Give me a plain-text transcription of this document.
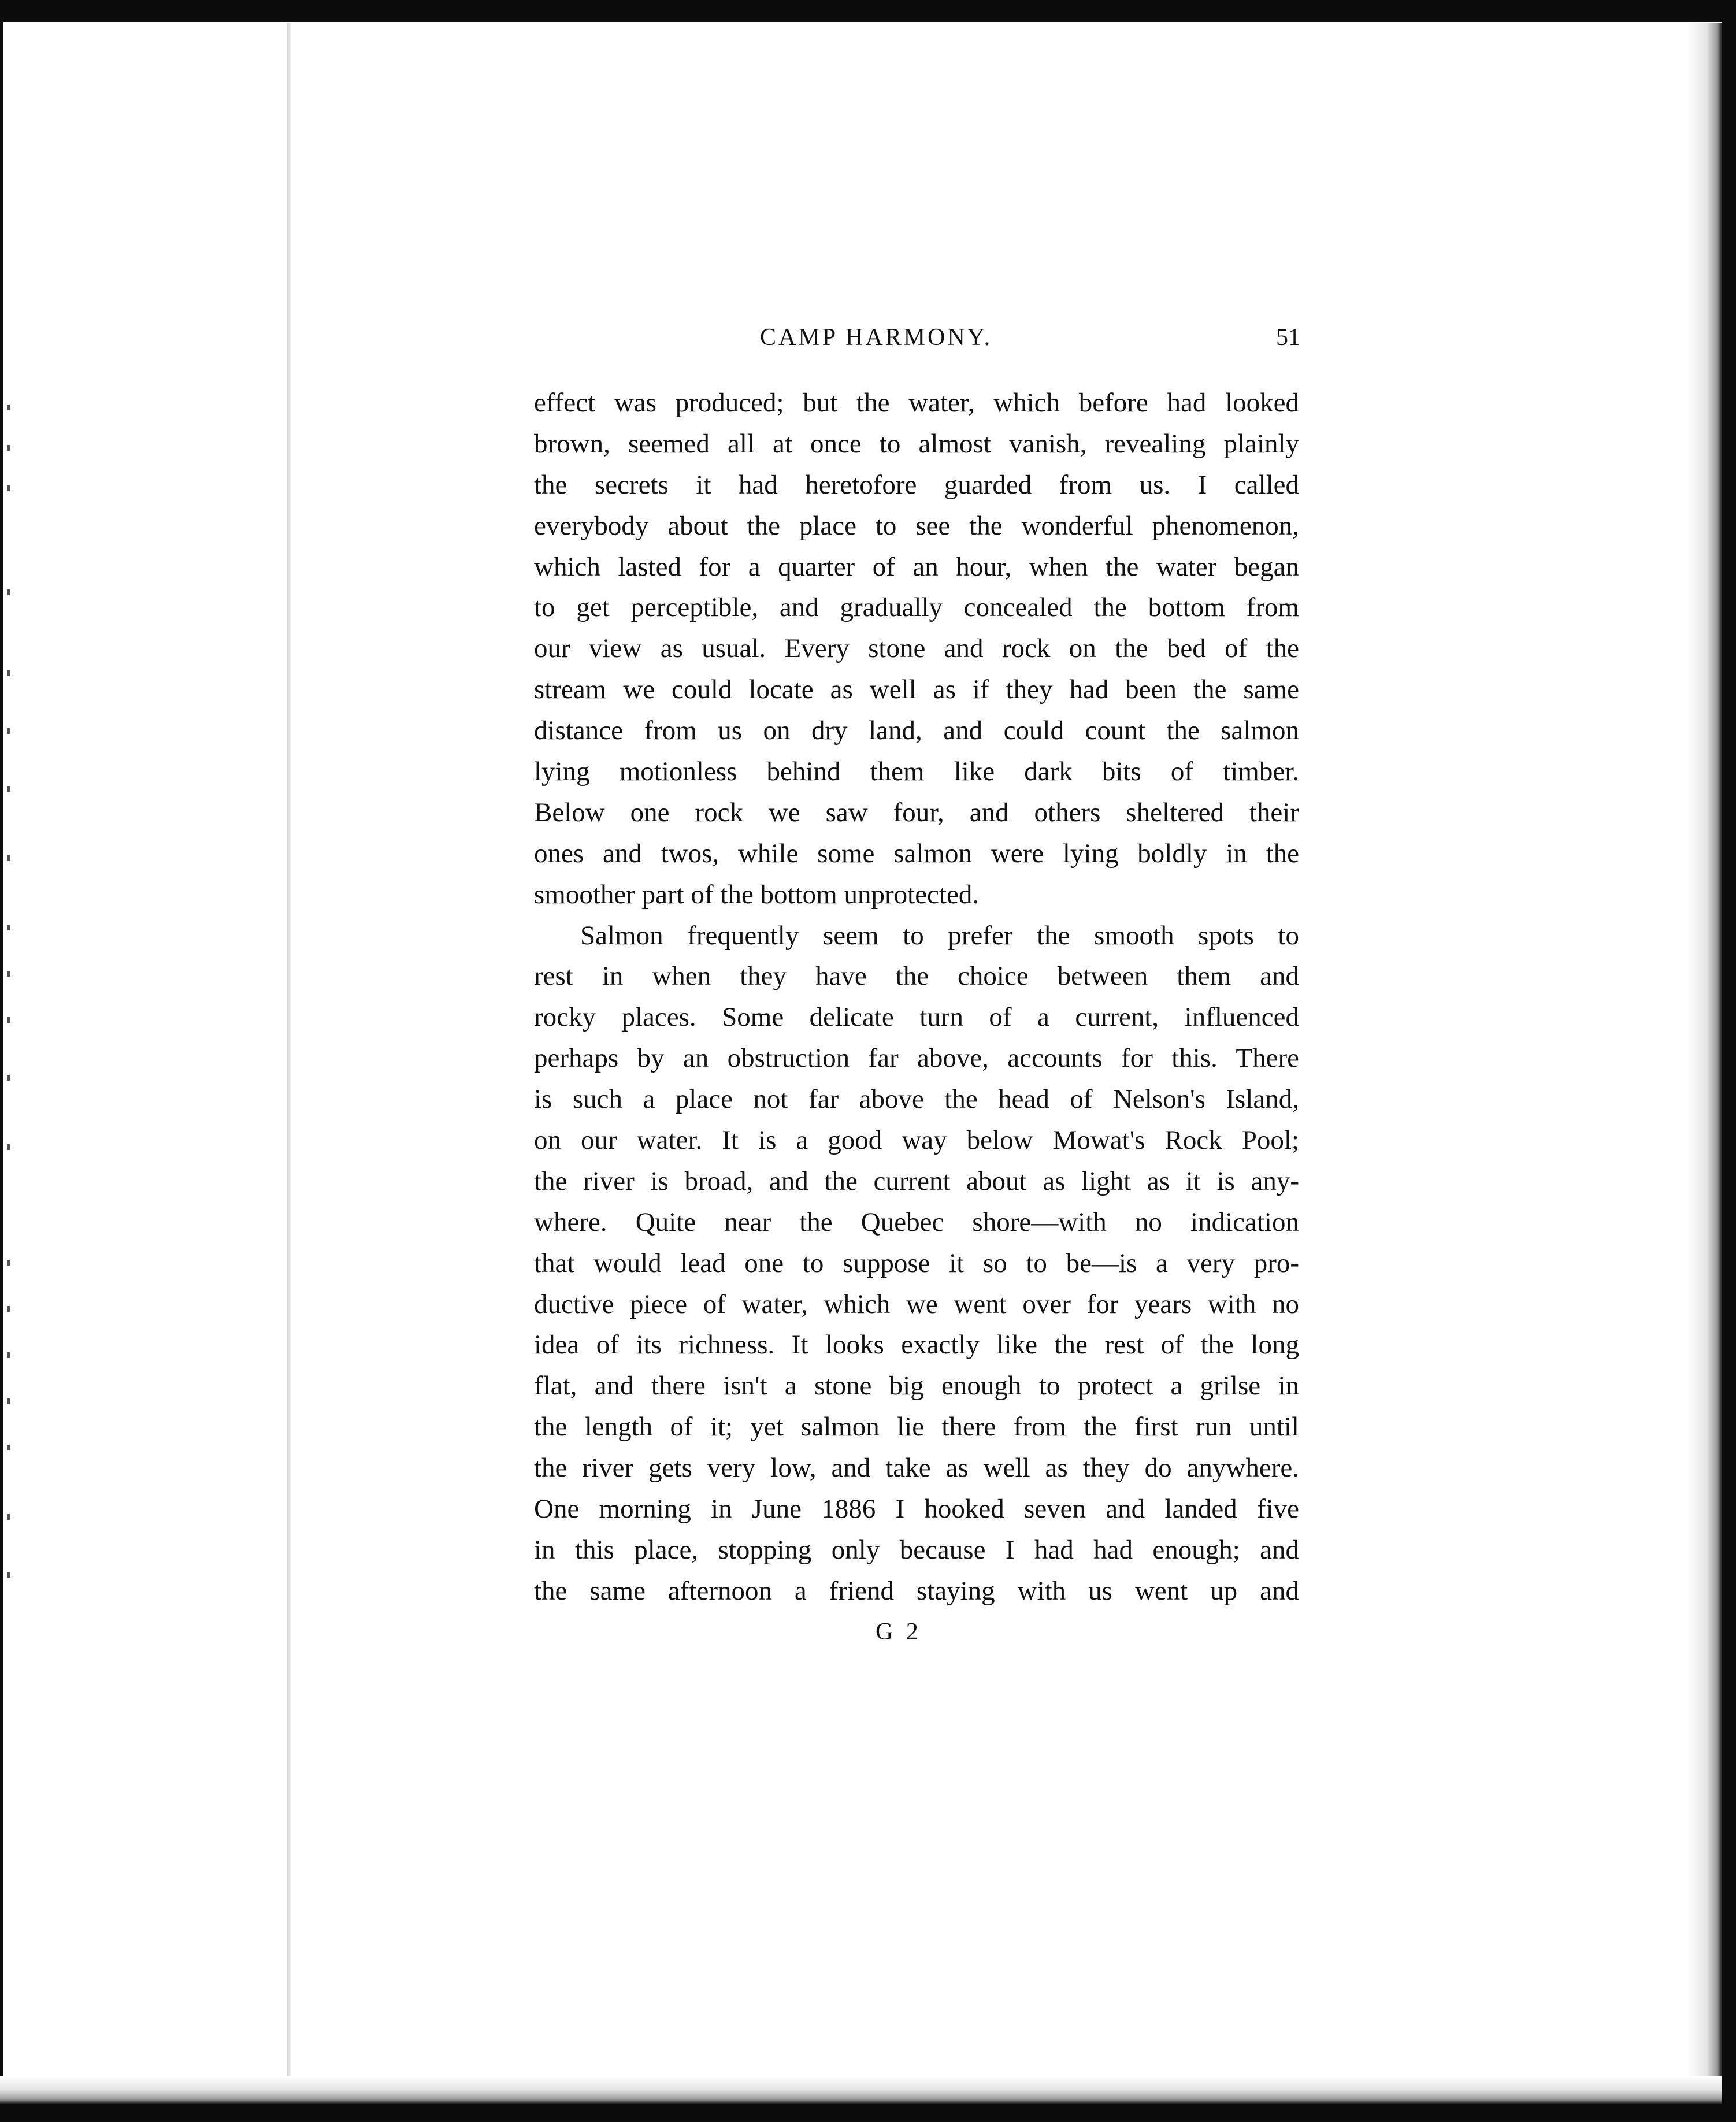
CAMP HARMONY.	51
effect was produced; but the water, which before had looked
brown, seemed all at once to almost vanish, revealing plainly
the secrets it had heretofore guarded from us. I called
everybody about the place to see the wonderful phenomenon,
which lasted for a quarter of an hour, when the water began
to get perceptible, and gradually concealed the bottom from
our view as usual. Every stone and rock on the bed of the
stream we could locate as well as if they had been the same
distance from us on dry land, and could count the salmon
lying motionless behind them like dark bits of timber.
Below one rock we saw four, and others sheltered their
ones and twos, while some salmon were lying boldly in the
smoother part of the bottom unprotected.
Salmon frequently seem to prefer the smooth spots to
rest in when they have the choice between them and
rocky places. Some delicate turn of a current, influenced
perhaps by an obstruction far above, accounts for this. There
is such a place not far above the head of Nelson's Island,
on our water. It is a good way below Mowat's Rock Pool;
the river is broad, and the current about as light as it is any-
where. Quite near the Quebec shore—with no indication
that would lead one to suppose it so to be—is a very pro-
ductive piece of water, which we went over for years with no
idea of its richness. It looks exactly like the rest of the long
flat, and there isn't a stone big enough to protect a grilse in
the length of it; yet salmon lie there from the first run until
the river gets very low, and take as well as they do anywhere.
One morning in June 1886 I hooked seven and landed five
in this place, stopping only because I had had enough; and
the same afternoon a friend staying with us went up and
G 2
